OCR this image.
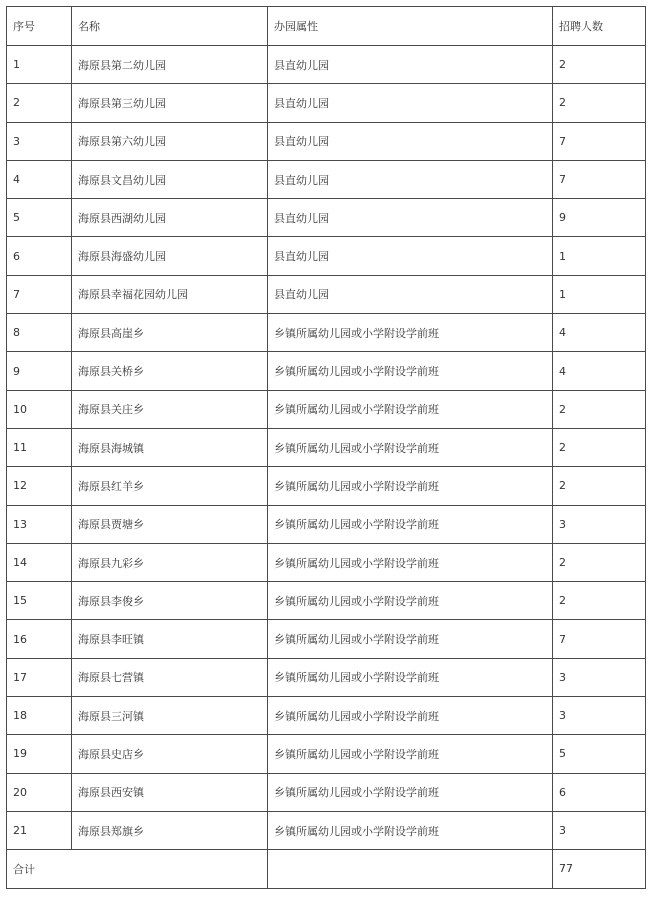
序号	名称	办园属性	招聘人数
1	海原县第二幼儿园	县直幼儿园	2
2	海原县第三幼儿园	县直幼儿园	2
3	海原县第六幼儿园	县直幼儿园	7
4	海原县文昌幼儿园	县直幼儿园	7
5	海原县西湖幼儿园	县直幼儿园	9
6	海原县海盛幼儿园	县直幼儿园	1
7	海原县幸福花园幼儿园	县直幼儿园	1
8	海原县高崖乡	乡镇所属幼儿园或小学附设学前班	4
9	海原县关桥乡	乡镇所属幼儿园或小学附设学前班	4
10	海原县关庄乡	乡镇所属幼儿园或小学附设学前班	2
11	海原县海城镇	乡镇所属幼儿园或小学附设学前班	2
12	海原县红羊乡	乡镇所属幼儿园或小学附设学前班	2
13	海原县贾塘乡	乡镇所属幼儿园或小学附设学前班	3
14	海原县九彩乡	乡镇所属幼儿园或小学附设学前班	2
15	海原县李俊乡	乡镇所属幼儿园或小学附设学前班	2
16	海原县李旺镇	乡镇所属幼儿园或小学附设学前班	7
17	海原县七营镇	乡镇所属幼儿园或小学附设学前班	3
18	海原县三河镇	乡镇所属幼儿园或小学附设学前班	3
19	海原县史店乡	乡镇所属幼儿园或小学附设学前班	5
20	海原县西安镇	乡镇所属幼儿园或小学附设学前班	6
21	海原县郑旗乡	乡镇所属幼儿园或小学附设学前班	3
合计			77
